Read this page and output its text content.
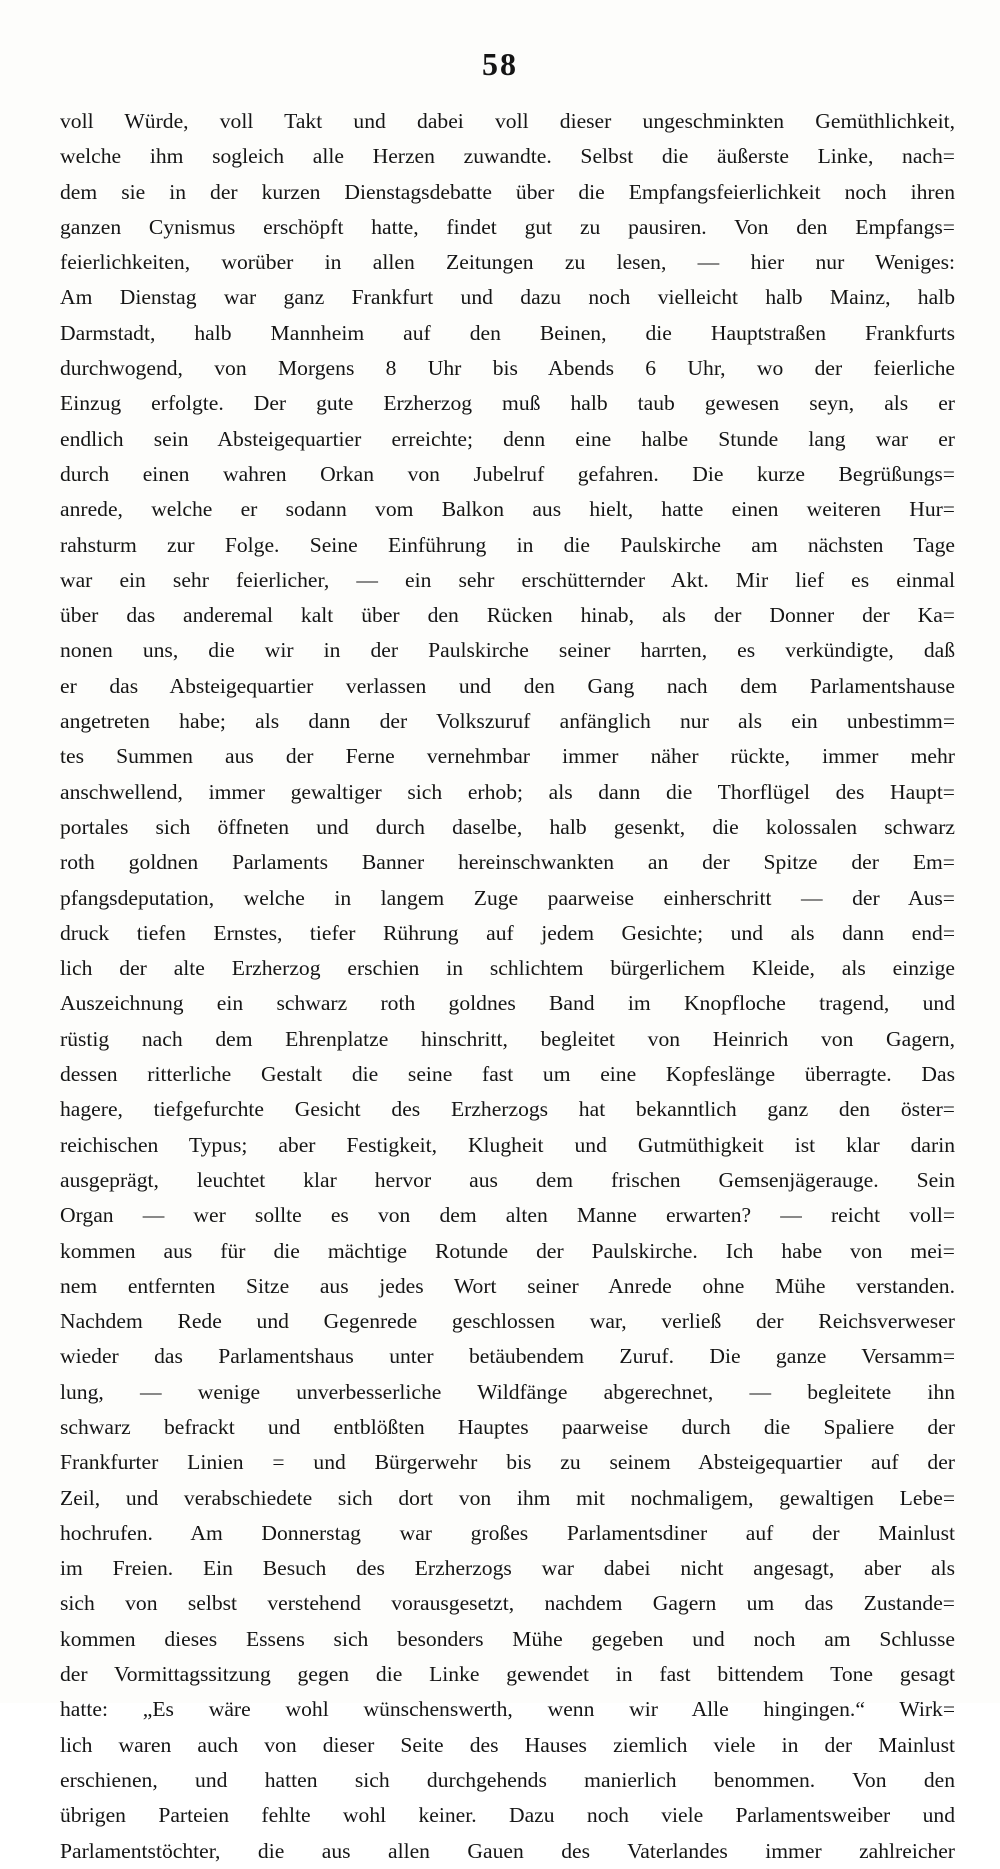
58
voll Würde, voll Takt und dabei voll dieser ungeschminkten Gemüthlichkeit,
welche ihm sogleich alle Herzen zuwandte. Selbst die äußerste Linke, nach=
dem sie in der kurzen Dienstagsdebatte über die Empfangsfeierlichkeit noch ihren
ganzen Cynismus erschöpft hatte, findet gut zu pausiren. Von den Empfangs=
feierlichkeiten, worüber in allen Zeitungen zu lesen, — hier nur Weniges:
Am Dienstag war ganz Frankfurt und dazu noch vielleicht halb Mainz, halb
Darmstadt, halb Mannheim auf den Beinen, die Hauptstraßen Frankfurts
durchwogend, von Morgens 8 Uhr bis Abends 6 Uhr, wo der feierliche
Einzug erfolgte. Der gute Erzherzog muß halb taub gewesen seyn, als er
endlich sein Absteigequartier erreichte; denn eine halbe Stunde lang war er
durch einen wahren Orkan von Jubelruf gefahren. Die kurze Begrüßungs=
anrede, welche er sodann vom Balkon aus hielt, hatte einen weiteren Hur=
rahsturm zur Folge. Seine Einführung in die Paulskirche am nächsten Tage
war ein sehr feierlicher, — ein sehr erschütternder Akt. Mir lief es einmal
über das anderemal kalt über den Rücken hinab, als der Donner der Ka=
nonen uns, die wir in der Paulskirche seiner harrten, es verkündigte, daß
er das Absteigequartier verlassen und den Gang nach dem Parlamentshause
angetreten habe; als dann der Volkszuruf anfänglich nur als ein unbestimm=
tes Summen aus der Ferne vernehmbar immer näher rückte, immer mehr
anschwellend, immer gewaltiger sich erhob; als dann die Thorflügel des Haupt=
portales sich öffneten und durch daselbe, halb gesenkt, die kolossalen schwarz
roth goldnen Parlaments Banner hereinschwankten an der Spitze der Em=
pfangsdeputation, welche in langem Zuge paarweise einherschritt — der Aus=
druck tiefen Ernstes, tiefer Rührung auf jedem Gesichte; und als dann end=
lich der alte Erzherzog erschien in schlichtem bürgerlichem Kleide, als einzige
Auszeichnung ein schwarz roth goldnes Band im Knopfloche tragend, und
rüstig nach dem Ehrenplatze hinschritt, begleitet von Heinrich von Gagern,
dessen ritterliche Gestalt die seine fast um eine Kopfeslänge überragte. Das
hagere, tiefgefurchte Gesicht des Erzherzogs hat bekanntlich ganz den öster=
reichischen Typus; aber Festigkeit, Klugheit und Gutmüthigkeit ist klar darin
ausgeprägt, leuchtet klar hervor aus dem frischen Gemsenjägerauge. Sein
Organ — wer sollte es von dem alten Manne erwarten? — reicht voll=
kommen aus für die mächtige Rotunde der Paulskirche. Ich habe von mei=
nem entfernten Sitze aus jedes Wort seiner Anrede ohne Mühe verstanden.
Nachdem Rede und Gegenrede geschlossen war, verließ der Reichsverweser
wieder das Parlamentshaus unter betäubendem Zuruf. Die ganze Versamm=
lung, — wenige unverbesserliche Wildfänge abgerechnet, — begleitete ihn
schwarz befrackt und entblößten Hauptes paarweise durch die Spaliere der
Frankfurter Linien = und Bürgerwehr bis zu seinem Absteigequartier auf der
Zeil, und verabschiedete sich dort von ihm mit nochmaligem, gewaltigen Lebe=
hochrufen. Am Donnerstag war großes Parlamentsdiner auf der Mainlust
im Freien. Ein Besuch des Erzherzogs war dabei nicht angesagt, aber als
sich von selbst verstehend vorausgesetzt, nachdem Gagern um das Zustande=
kommen dieses Essens sich besonders Mühe gegeben und noch am Schlusse
der Vormittagssitzung gegen die Linke gewendet in fast bittendem Tone gesagt
hatte: „Es wäre wohl wünschenswerth, wenn wir Alle hingingen.“ Wirk=
lich waren auch von dieser Seite des Hauses ziemlich viele in der Mainlust
erschienen, und hatten sich durchgehends manierlich benommen. Von den
übrigen Parteien fehlte wohl keiner. Dazu noch viele Parlamentsweiber und
Parlamentstöchter, die aus allen Gauen des Vaterlandes immer zahlreicher
